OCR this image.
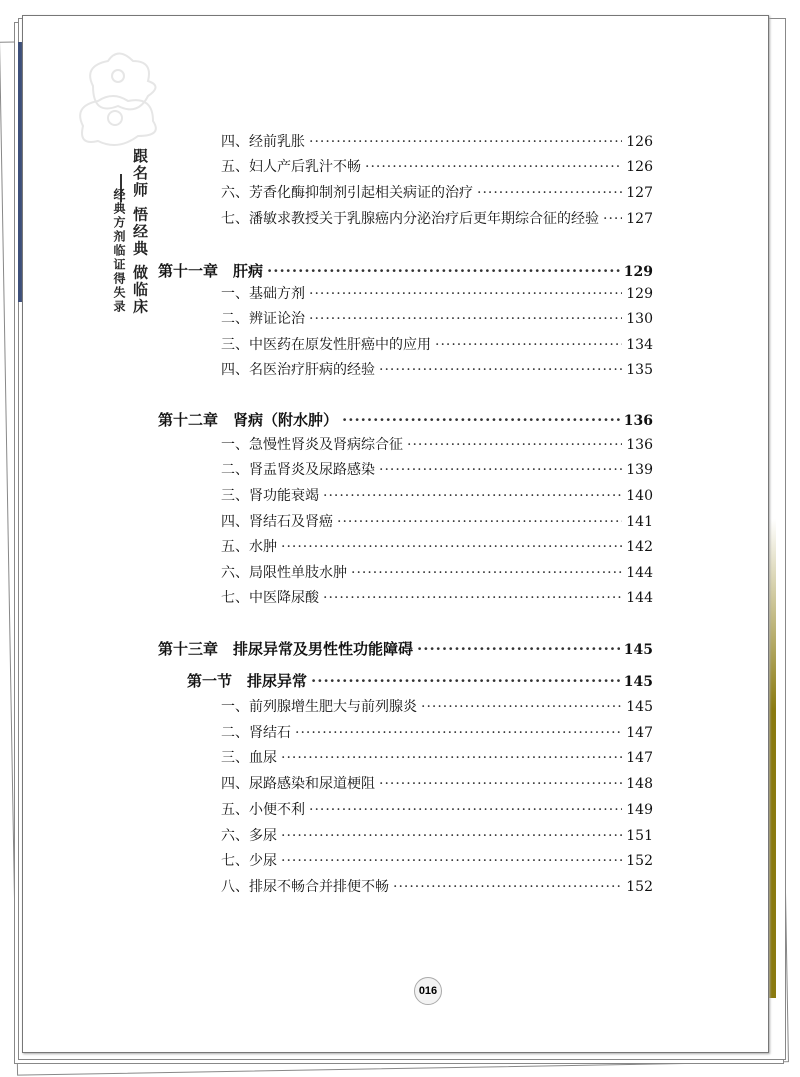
跟名师 悟经典 做临床
经典方剂临证得失录
四、经前乳胀 ·····	126
五、妇人产后乳汁不畅 ·····	126
六、芳香化酶抑制剂引起相关病证的治疗 ·····	127
七、潘敏求教授关于乳腺癌内分泌治疗后更年期综合征的经验 ····· 127
第十一章　肝病 ·····	129
一、基础方剂 ·····	129
二、辨证论治 ·····	130
三、中医药在原发性肝癌中的应用 ·····	134
四、名医治疗肝病的经验 ·····	135
第十二章　肾病（附水肿） ·····	136
一、急慢性肾炎及肾病综合征 ·····	136
二、肾盂肾炎及尿路感染 ·····	139
三、肾功能衰竭 ·····	140
四、肾结石及肾癌 ·····	141
五、水肿 ·····	142
六、局限性单肢水肿 ·····	144
七、中医降尿酸 ·····	144
第十三章　排尿异常及男性性功能障碍 ·····	145
第一节　排尿异常 ·····	145
一、前列腺增生肥大与前列腺炎 ·····	145
二、肾结石 ·····	147
三、血尿 ·····	147
四、尿路感染和尿道梗阻 ·····	148
五、小便不利 ·····	149
六、多尿 ·····	151
七、少尿 ·····	152
八、排尿不畅合并排便不畅 ·····	152
016
